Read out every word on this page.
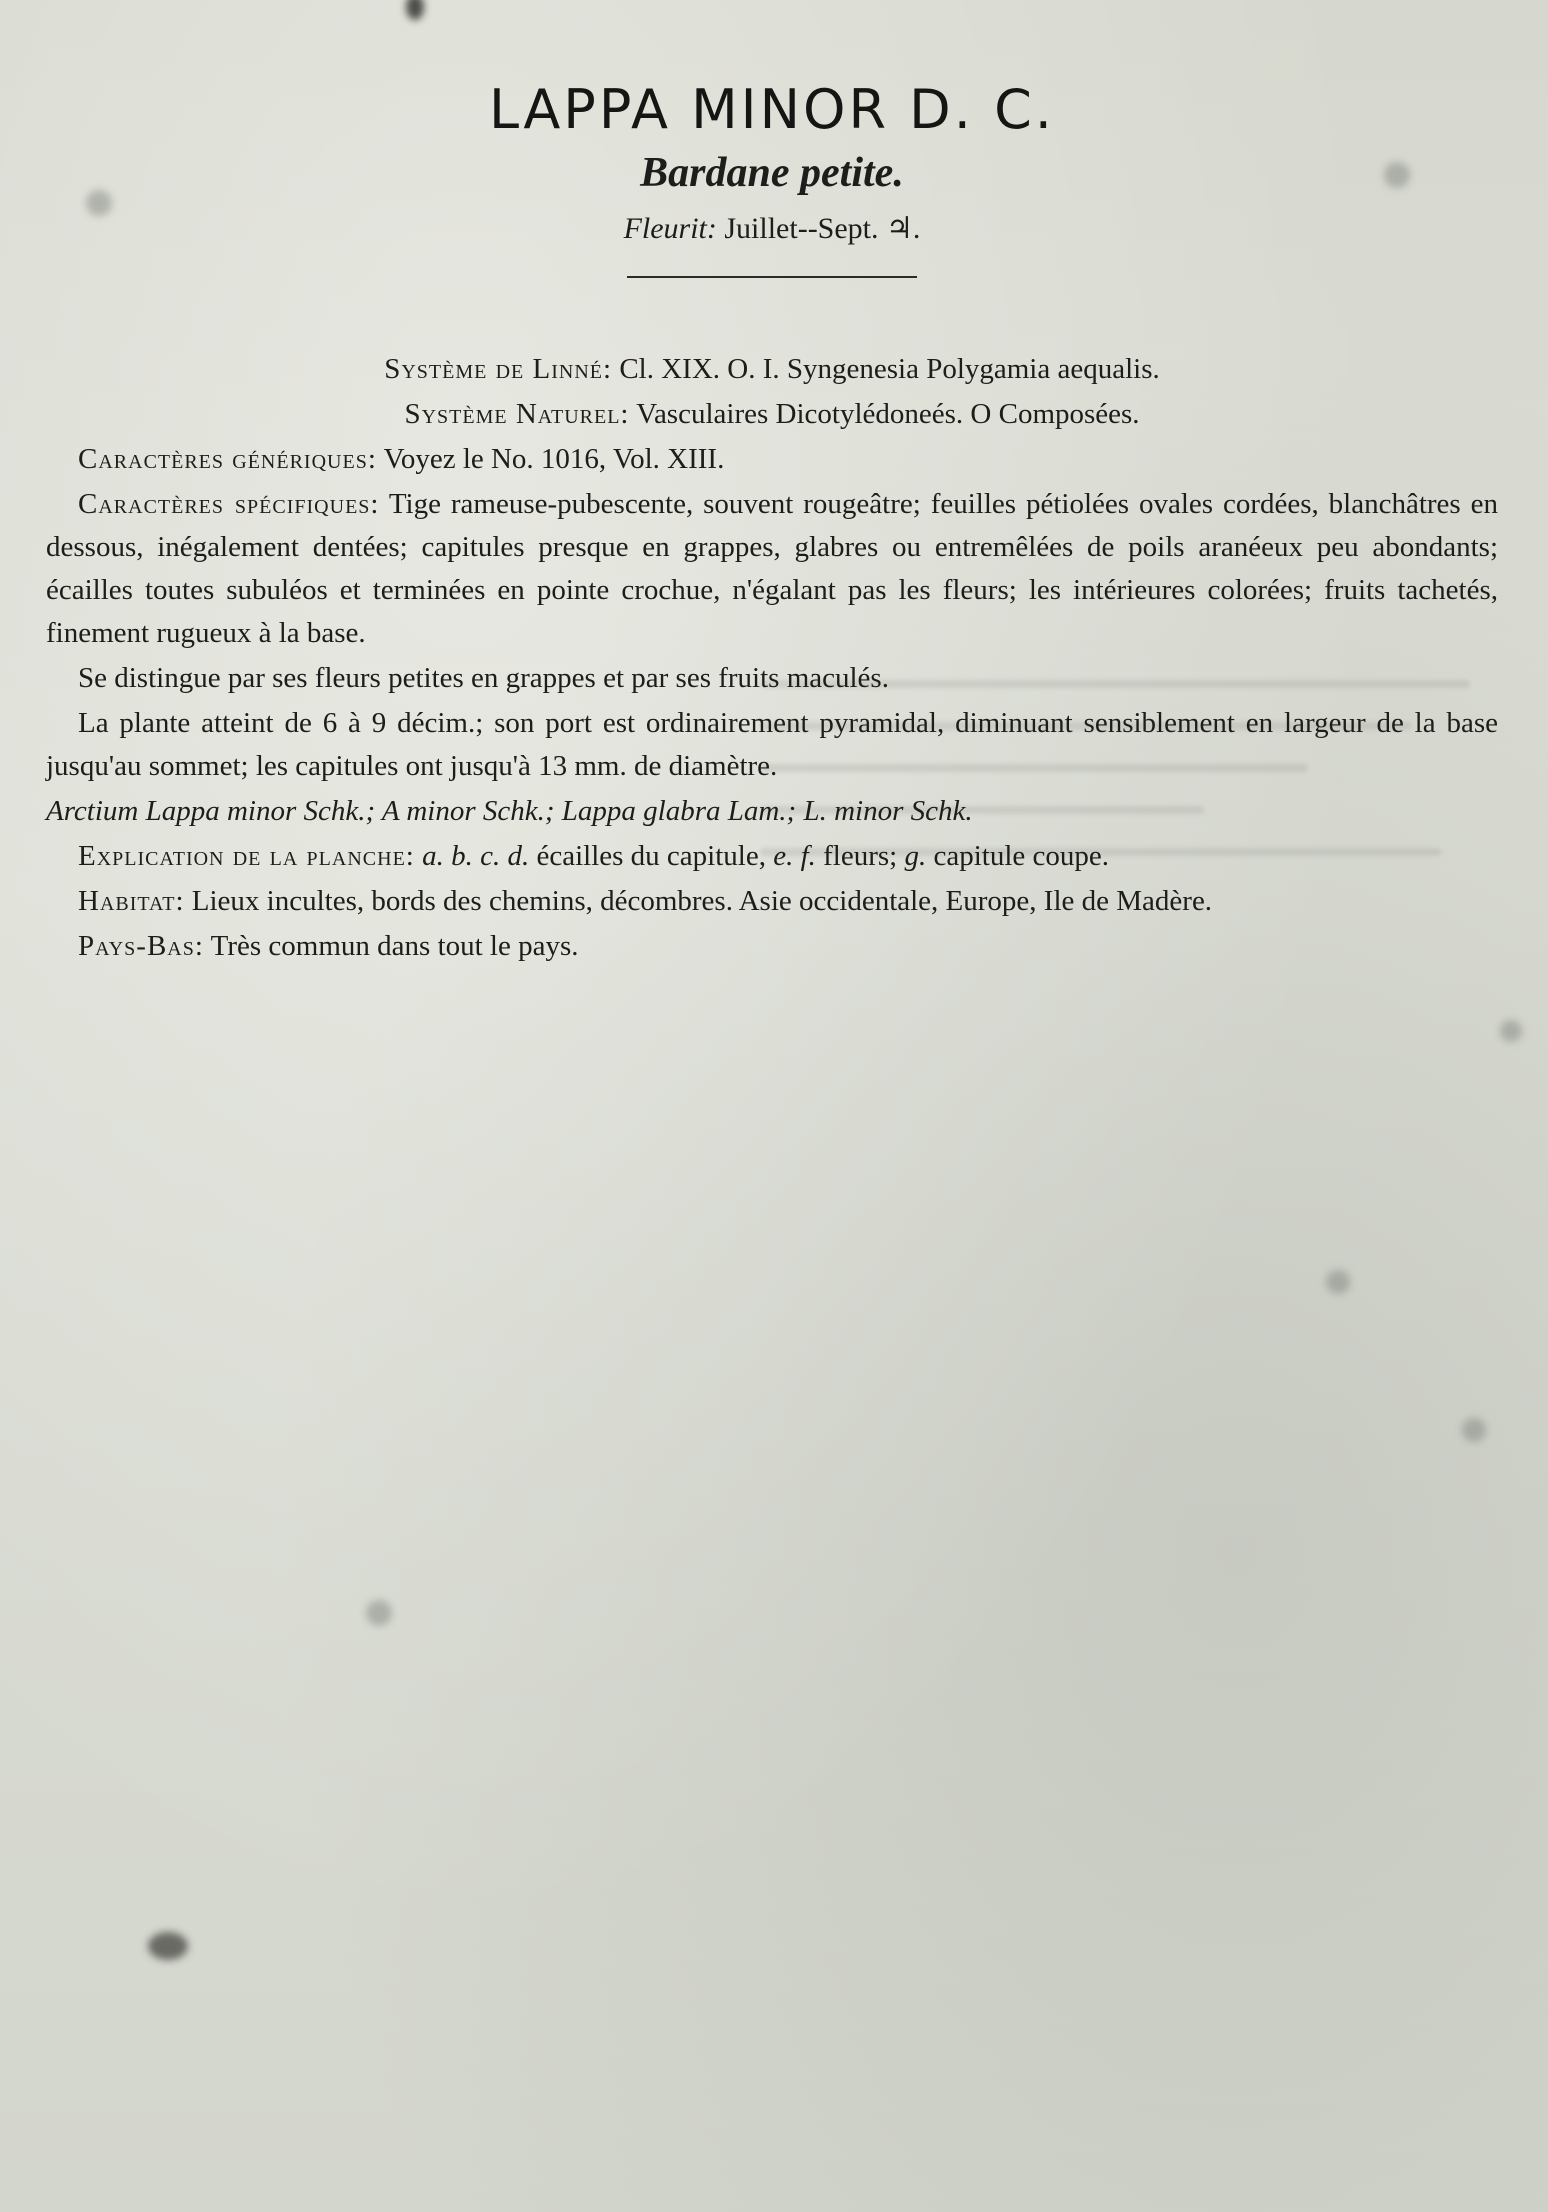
LAPPA MINOR D. C.
Bardane petite.
Fleurit: Juillet--Sept. ♃.

Système de Linné: Cl. XIX. O. I. Syngenesia Polygamia aequalis.

Système Naturel: Vasculaires Dicotylédoneés. O Composées.

Caractères génériques: Voyez le No. 1016, Vol. XIII.

Caractères spécifiques: Tige rameuse-pubescente, souvent rougeâtre; feuilles pétiolées ovales cordées, blanchâtres en dessous, inégalement dentées; capitules presque en grappes, glabres ou entremêlées de poils aranéeux peu abondants; écailles toutes subuléos et terminées en pointe crochue, n'égalant pas les fleurs; les intérieures colorées; fruits tachetés, finement rugueux à la base.

Se distingue par ses fleurs petites en grappes et par ses fruits maculés.

La plante atteint de 6 à 9 décim.; son port est ordinairement pyramidal, diminuant sensiblement en largeur de la base jusqu'au sommet; les capitules ont jusqu'à 13 mm. de diamètre.

Arctium Lappa minor Schk.; A minor Schk.; Lappa glabra Lam.; L. minor Schk.

Explication de la planche: a. b. c. d. écailles du capitule, e. f. fleurs; g. capitule coupe.

Habitat: Lieux incultes, bords des chemins, décombres. Asie occidentale, Europe, Ile de Madère.

Pays-Bas: Très commun dans tout le pays.
